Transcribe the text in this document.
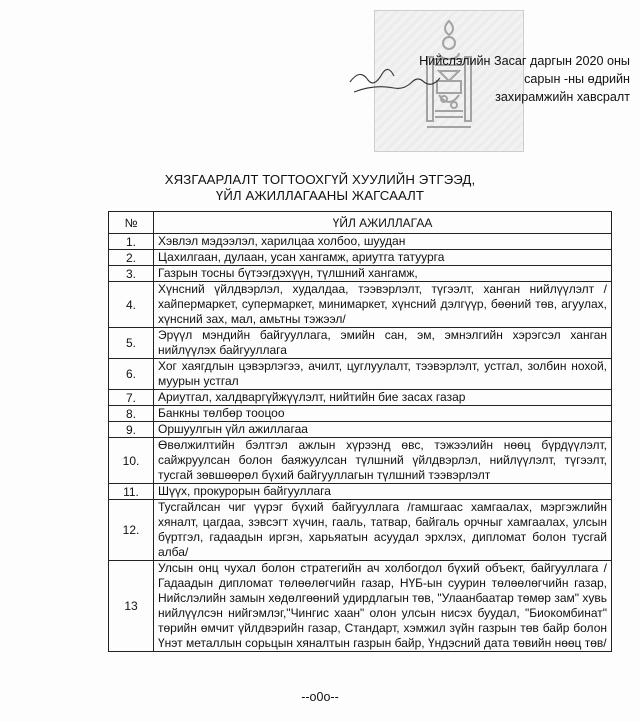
Нийслэлийн Засаг даргын 2020 оны
сарын -ны өдрийн
захирамжийн хавсралт
ХЯЗГААРЛАЛТ ТОГТООХГҮЙ ХУУЛИЙН ЭТГЭЭД,
ҮЙЛ АЖИЛЛАГААНЫ ЖАГСААЛТ
№	ҮЙЛ АЖИЛЛАГАА
1.	Хэвлэл мэдээлэл, харилцаа холбоо, шуудан
2.	Цахилгаан, дулаан, усан хангамж, ариутга татуурга
3.	Газрын тосны бүтээгдэхүүн, түлшний хангамж,
4.	Хүнсний үйлдвэрлэл, худалдаа, тээвэрлэлт, түгээлт, ханган нийлүүлэлт /хайпермаркет, супермаркет, минимаркет, хүнсний дэлгүүр, бөөний төв, агуулах, хүнсний зах, мал, амьтны тэжээл/
5.	Эрүүл мэндийн байгууллага, эмийн сан, эм, эмнэлгийн хэрэгсэл ханган нийлүүлэх байгууллага
6.	Хог хаягдлын цэвэрлэгээ, ачилт, цуглуулалт, тээвэрлэлт, устгал, золбин нохой, муурын устгал
7.	Ариутгал, халдваргүйжүүлэлт, нийтийн бие засах газар
8.	Банкны төлбөр тооцоо
9.	Оршуулгын үйл ажиллагаа
10.	Өвөлжилтийн бэлтгэл ажлын хүрээнд өвс, тэжээлийн нөөц бүрдүүлэлт, сайжруулсан болон баяжуулсан түлшний үйлдвэрлэл, нийлүүлэлт, түгээлт, тусгай зөвшөөрөл бүхий байгууллагын түлшний тээвэрлэлт
11.	Шүүх, прокурорын байгууллага
12.	Тусгайлсан чиг үүрэг бүхий байгууллага /гамшгаас хамгаалах, мэргэжлийн хяналт, цагдаа, зэвсэгт хүчин, гааль, татвар, байгаль орчныг хамгаалах, улсын бүртгэл, гадаадын иргэн, харьяатын асуудал эрхлэх, дипломат болон тусгай алба/
13	Улсын онц чухал болон стратегийн ач холбогдол бүхий объект, байгууллага /Гадаадын дипломат төлөөлөгчийн газар, НҮБ-ын суурин төлөөлөгчийн газар, Нийслэлийн замын хөдөлгөөний удирдлагын төв, "Улаанбаатар төмөр зам" хувь нийлүүлсэн нийгэмлэг,"Чингис хаан" олон улсын нисэх буудал, "Биокомбинат" төрийн өмчит үйлдвэрийн газар, Стандарт, хэмжил зүйн газрын төв байр болон Үнэт металлын сорьцын хяналтын газрын байр, Үндэсний дата төвийн нөөц төв/
--o0o--
